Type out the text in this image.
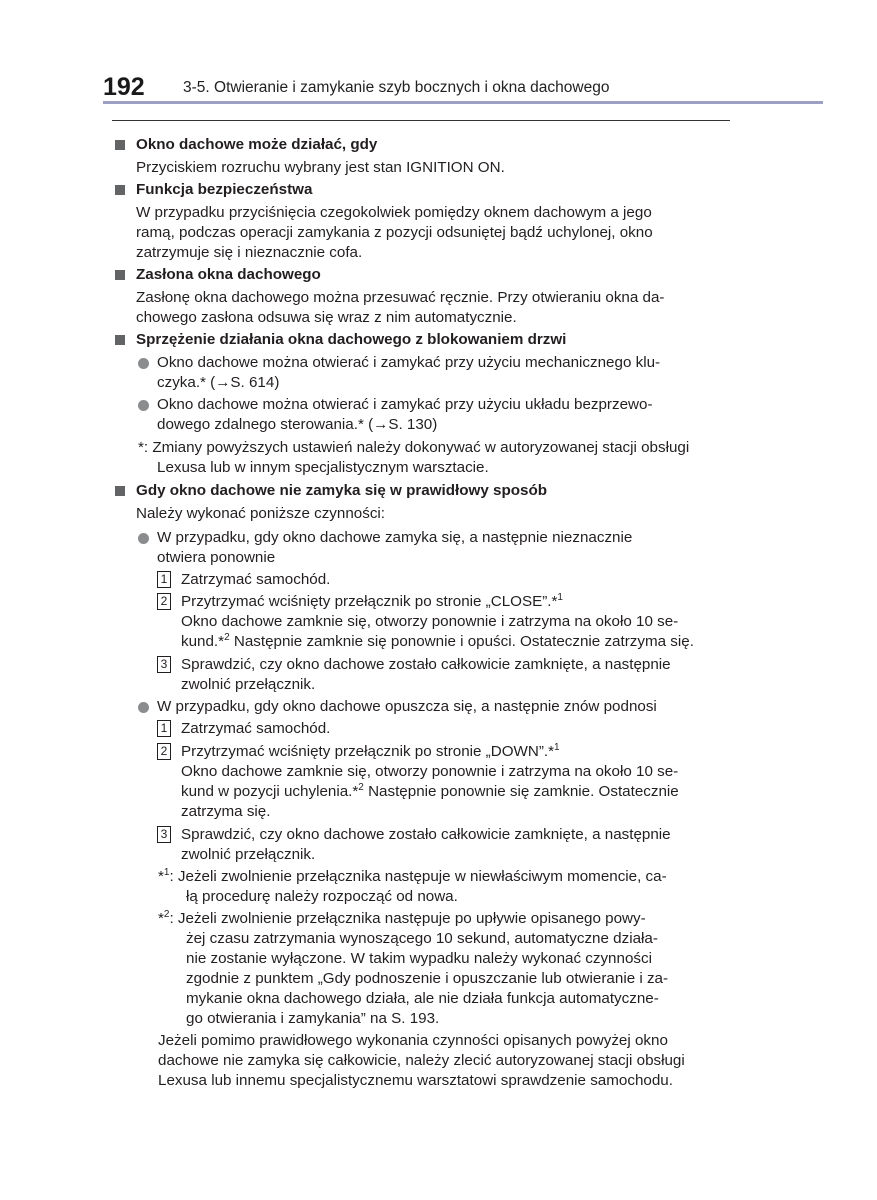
192 3-5. Otwieranie i zamykanie szyb bocznych i okna dachowego
Okno dachowe może działać, gdy
Przyciskiem rozruchu wybrany jest stan IGNITION ON.
Funkcja bezpieczeństwa
W przypadku przyciśnięcia czegokolwiek pomiędzy oknem dachowym a jego
ramą, podczas operacji zamykania z pozycji odsuniętej bądź uchylonej, okno
zatrzymuje się i nieznacznie cofa.
Zasłona okna dachowego
Zasłonę okna dachowego można przesuwać ręcznie. Przy otwieraniu okna da-
chowego zasłona odsuwa się wraz z nim automatycznie.
Sprzężenie działania okna dachowego z blokowaniem drzwi
Okno dachowe można otwierać i zamykać przy użyciu mechanicznego klu-
czyka.* (→S. 614)
Okno dachowe można otwierać i zamykać przy użyciu układu bezprzewo-
dowego zdalnego sterowania.* (→S. 130)
*: Zmiany powyższych ustawień należy dokonywać w autoryzowanej stacji obsługi
Lexusa lub w innym specjalistycznym warsztacie.
Gdy okno dachowe nie zamyka się w prawidłowy sposób
Należy wykonać poniższe czynności:
W przypadku, gdy okno dachowe zamyka się, a następnie nieznacznie
otwiera ponownie
1 Zatrzymać samochód.
2 Przytrzymać wciśnięty przełącznik po stronie „CLOSE”.*$^1$
Okno dachowe zamknie się, otworzy ponownie i zatrzyma na około 10 se-
kund.*$^2$ Następnie zamknie się ponownie i opuści. Ostatecznie zatrzyma się.
3 Sprawdzić, czy okno dachowe zostało całkowicie zamknięte, a następnie
zwolnić przełącznik.
W przypadku, gdy okno dachowe opuszcza się, a następnie znów podnosi
1 Zatrzymać samochód.
2 Przytrzymać wciśnięty przełącznik po stronie „DOWN”.*$^1$
Okno dachowe zamknie się, otworzy ponownie i zatrzyma na około 10 se-
kund w pozycji uchylenia.*$^2$ Następnie ponownie się zamknie. Ostatecznie
zatrzyma się.
3 Sprawdzić, czy okno dachowe zostało całkowicie zamknięte, a następnie
zwolnić przełącznik.
*$^1$: Jeżeli zwolnienie przełącznika następuje w niewłaściwym momencie, ca-
łą procedurę należy rozpocząć od nowa.
*$^2$: Jeżeli zwolnienie przełącznika następuje po upływie opisanego powy-
żej czasu zatrzymania wynoszącego 10 sekund, automatyczne działa-
nie zostanie wyłączone. W takim wypadku należy wykonać czynności
zgodnie z punktem „Gdy podnoszenie i opuszczanie lub otwieranie i za-
mykanie okna dachowego działa, ale nie działa funkcja automatyczne-
go otwierania i zamykania” na S. 193.
Jeżeli pomimo prawidłowego wykonania czynności opisanych powyżej okno
dachowe nie zamyka się całkowicie, należy zlecić autoryzowanej stacji obsługi
Lexusa lub innemu specjalistycznemu warsztatowi sprawdzenie samochodu.
